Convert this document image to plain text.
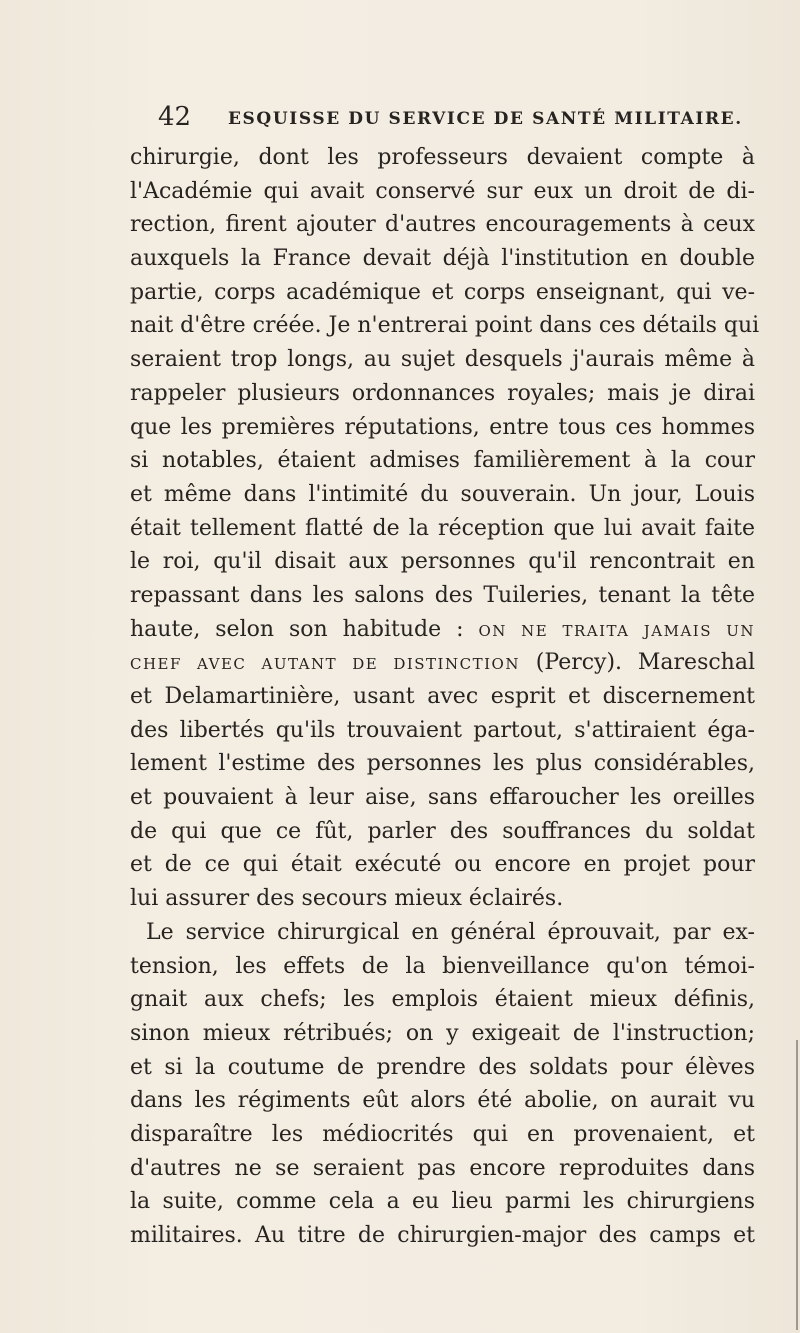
42 ESQUISSE DU SERVICE DE SANTÉ MILITAIRE.
chirurgie, dont les professeurs devaient compte à
l'Académie qui avait conservé sur eux un droit de di-
rection, firent ajouter d'autres encouragements à ceux
auxquels la France devait déjà l'institution en double
partie, corps académique et corps enseignant, qui ve-
nait d'être créée. Je n'entrerai point dans ces détails qui
seraient trop longs, au sujet desquels j'aurais même à
rappeler plusieurs ordonnances royales; mais je dirai
que les premières réputations, entre tous ces hommes
si notables, étaient admises familièrement à la cour
et même dans l'intimité du souverain. Un jour, Louis
était tellement flatté de la réception que lui avait faite
le roi, qu'il disait aux personnes qu'il rencontrait en
repassant dans les salons des Tuileries, tenant la tête
haute, selon son habitude : ON NE TRAITA JAMAIS UN
CHEF AVEC AUTANT DE DISTINCTION (Percy). Mareschal
et Delamartinière, usant avec esprit et discernement
des libertés qu'ils trouvaient partout, s'attiraient éga-
lement l'estime des personnes les plus considérables,
et pouvaient à leur aise, sans effaroucher les oreilles
de qui que ce fût, parler des souffrances du soldat
et de ce qui était exécuté ou encore en projet pour
lui assurer des secours mieux éclairés.
Le service chirurgical en général éprouvait, par ex-
tension, les effets de la bienveillance qu'on témoi-
gnait aux chefs; les emplois étaient mieux définis,
sinon mieux rétribués; on y exigeait de l'instruction;
et si la coutume de prendre des soldats pour élèves
dans les régiments eût alors été abolie, on aurait vu
disparaître les médiocrités qui en provenaient, et
d'autres ne se seraient pas encore reproduites dans
la suite, comme cela a eu lieu parmi les chirurgiens
militaires. Au titre de chirurgien-major des camps et
